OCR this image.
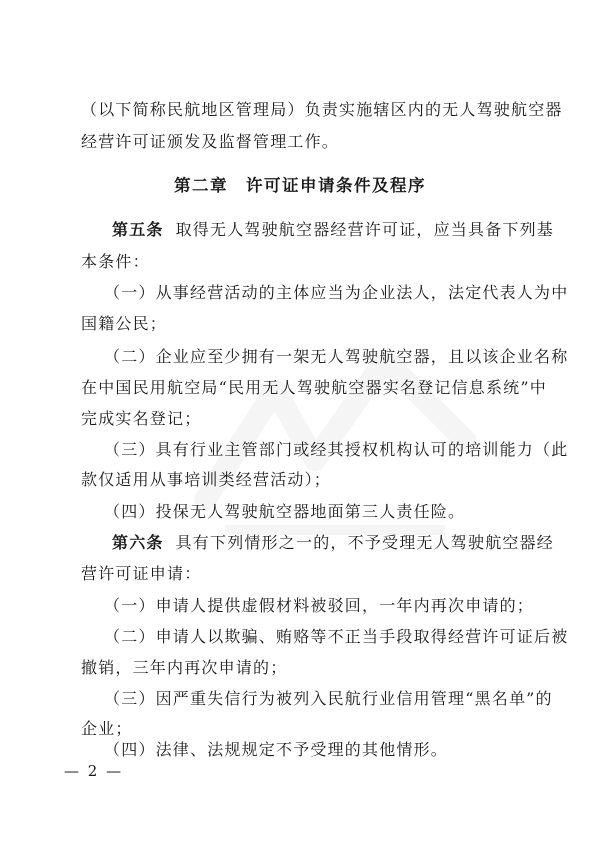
（以下简称民航地区管理局）负责实施辖区内的无人驾驶航空器
经营许可证颁发及监督管理工作。
第二章　许可证申请条件及程序
第五条 取得无人驾驶航空器经营许可证，应当具备下列基
本条件：
（一）从事经营活动的主体应当为企业法人，法定代表人为中
国籍公民；
（二）企业应至少拥有一架无人驾驶航空器，且以该企业名称
在中国民用航空局“民用无人驾驶航空器实名登记信息系统”中
完成实名登记；
（三）具有行业主管部门或经其授权机构认可的培训能力（此
款仅适用从事培训类经营活动）；
（四）投保无人驾驶航空器地面第三人责任险。
第六条 具有下列情形之一的，不予受理无人驾驶航空器经
营许可证申请：
（一）申请人提供虚假材料被驳回，一年内再次申请的；
（二）申请人以欺骗、贿赂等不正当手段取得经营许可证后被
撤销，三年内再次申请的；
（三）因严重失信行为被列入民航行业信用管理“黑名单”的
企业；
（四）法律、法规规定不予受理的其他情形。
— 2 —
